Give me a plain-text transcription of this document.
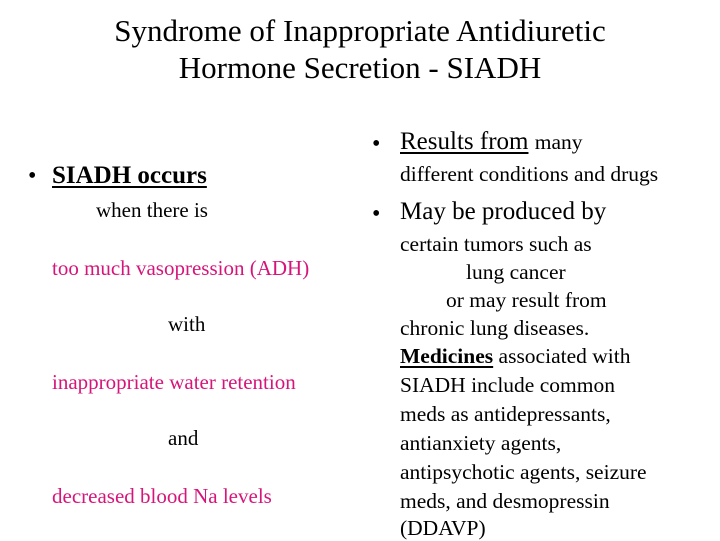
Syndrome of Inappropriate Antidiuretic
Hormone Secretion - SIADH
• SIADH occurs
when there is
too much vasopression (ADH)
with
inappropriate water retention
and
decreased blood Na levels
• Results from many
different conditions and drugs
• May be produced by
certain tumors such as
lung cancer
or may result from
chronic lung diseases.
Medicines associated with
SIADH include common
meds as antidepressants,
antianxiety agents,
antipsychotic agents, seizure
meds, and desmopressin
(DDAVP)
